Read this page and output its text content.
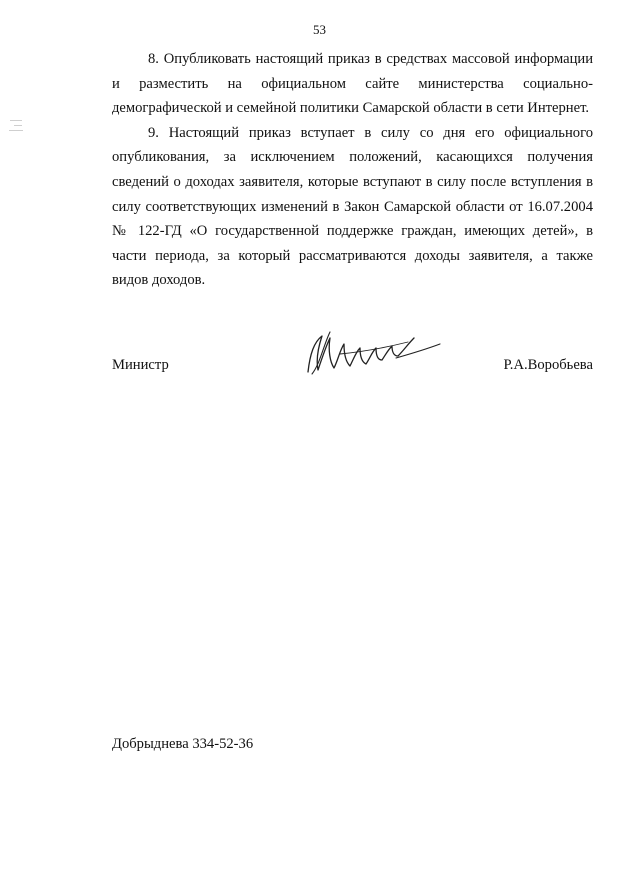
53

8. Опубликовать настоящий приказ в средствах массовой информации и разместить на официальном сайте министерства социально-демографической и семейной политики Самарской области в сети Интернет.

9. Настоящий приказ вступает в силу со дня его официального опубликования, за исключением положений, касающихся получения сведений о доходах заявителя, которые вступают в силу после вступления в силу соответствующих изменений в Закон Самарской области от 16.07.2004 № 122-ГД «О государственной поддержке граждан, имеющих детей», в части периода, за который рассматриваются доходы заявителя, а также видов доходов.

Министр	Р.А.Воробьева
Добрыднева 334-52-36
